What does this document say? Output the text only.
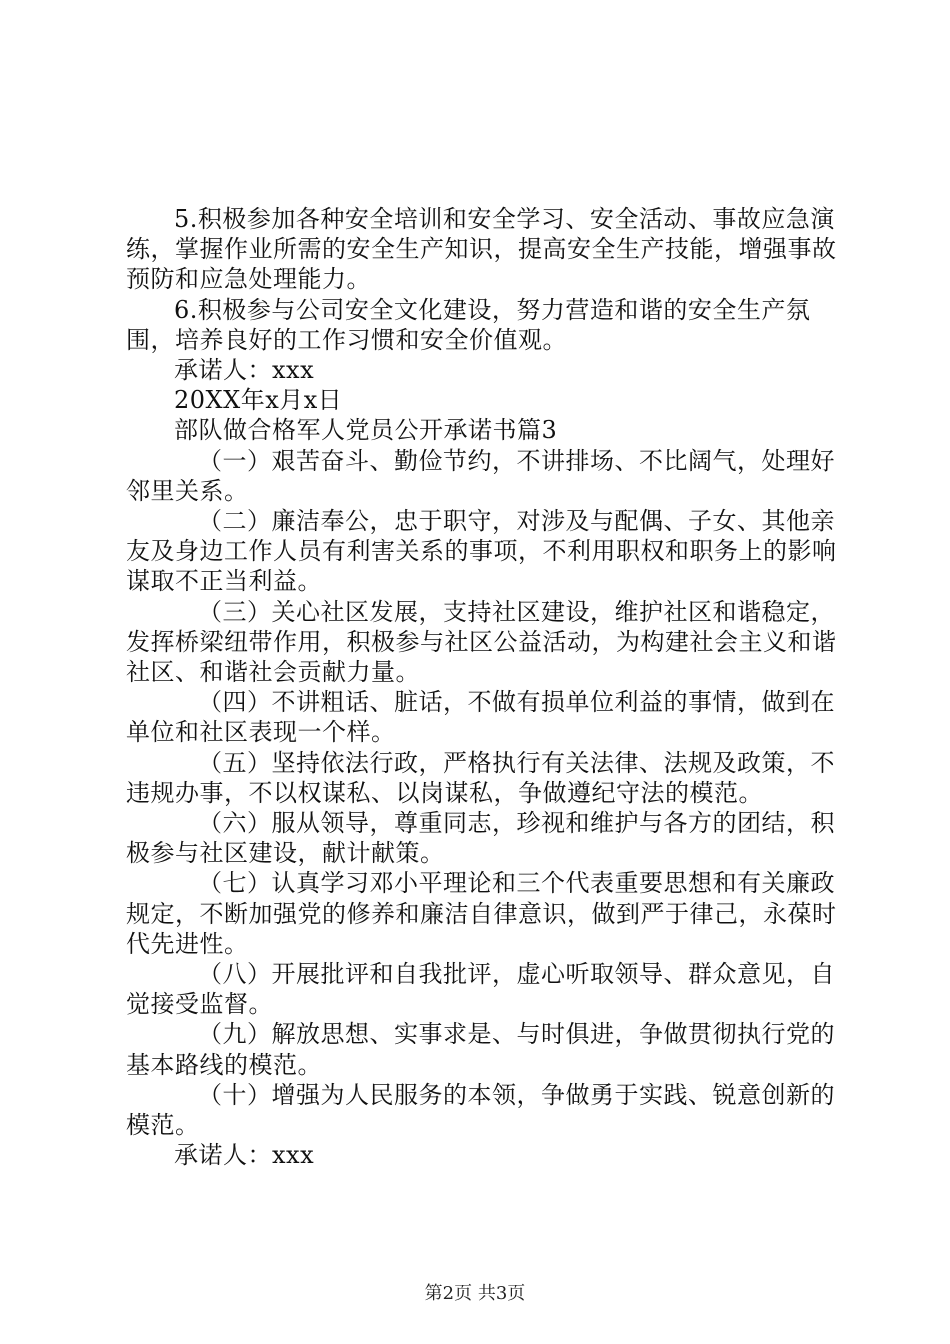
5.积极参加各种安全培训和安全学习、安全活动、事故应急演练，掌握作业所需的安全生产知识，提高安全生产技能，增强事故预防和应急处理能力。

6.积极参与公司安全文化建设，努力营造和谐的安全生产氛围，培养良好的工作习惯和安全价值观。

承诺人：xxx

20XX年x月x日

部队做合格军人党员公开承诺书篇3

（一）艰苦奋斗、勤俭节约，不讲排场、不比阔气，处理好邻里关系。

（二）廉洁奉公，忠于职守，对涉及与配偶、子女、其他亲友及身边工作人员有利害关系的事项，不利用职权和职务上的影响谋取不正当利益。

（三）关心社区发展，支持社区建设，维护社区和谐稳定，发挥桥梁纽带作用，积极参与社区公益活动，为构建社会主义和谐社区、和谐社会贡献力量。

（四）不讲粗话、脏话，不做有损单位利益的事情，做到在单位和社区表现一个样。

（五）坚持依法行政，严格执行有关法律、法规及政策，不违规办事，不以权谋私、以岗谋私，争做遵纪守法的模范。

（六）服从领导，尊重同志，珍视和维护与各方的团结，积极参与社区建设，献计献策。

（七）认真学习邓小平理论和三个代表重要思想和有关廉政规定，不断加强党的修养和廉洁自律意识，做到严于律己，永葆时代先进性。

（八）开展批评和自我批评，虚心听取领导、群众意见，自觉接受监督。

（九）解放思想、实事求是、与时俱进，争做贯彻执行党的基本路线的模范。

（十）增强为人民服务的本领，争做勇于实践、锐意创新的模范。

承诺人：xxx

第2页 共3页
